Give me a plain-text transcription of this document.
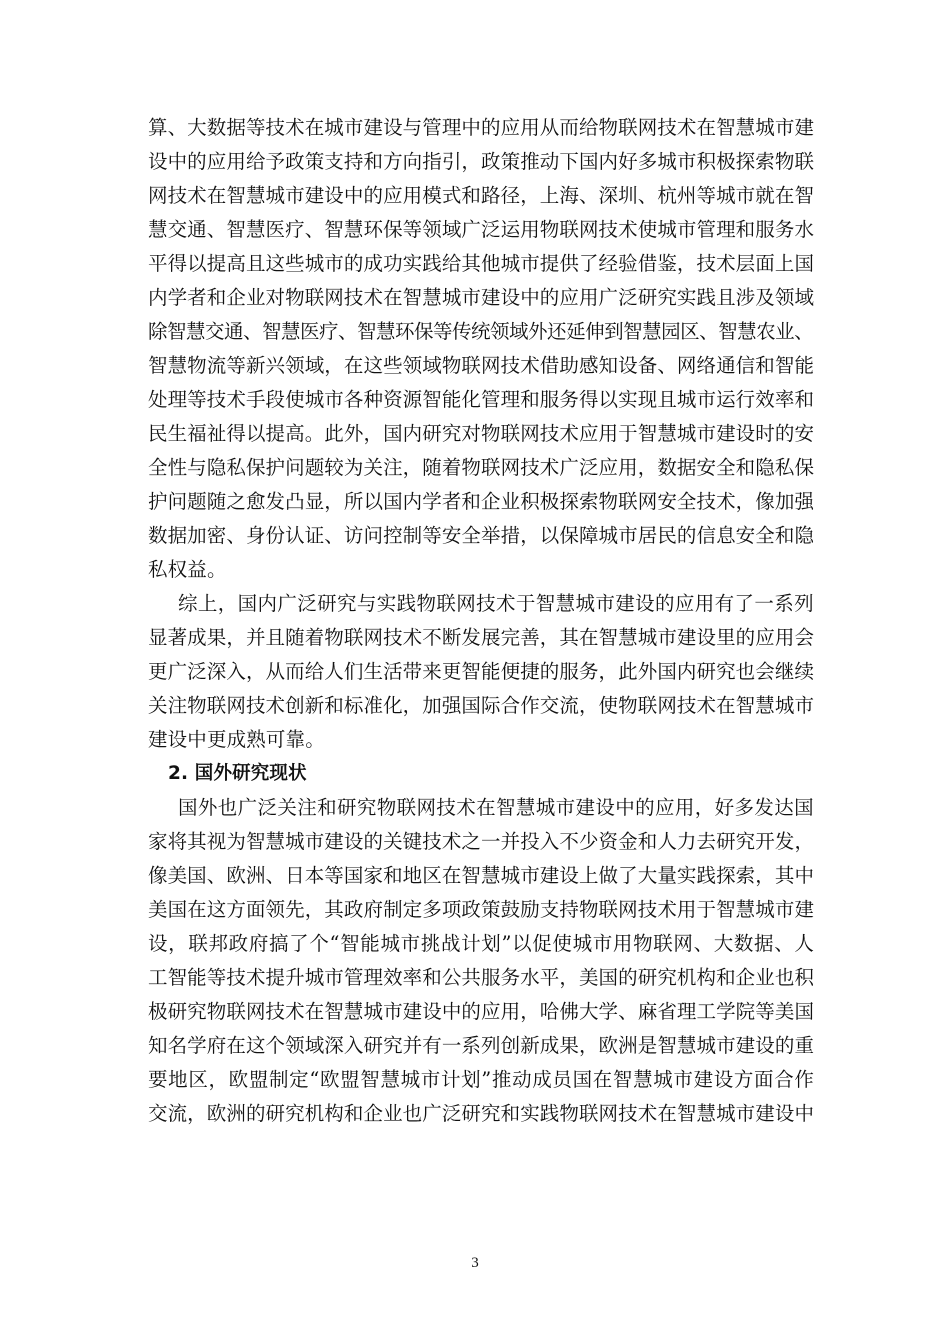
算、大数据等技术在城市建设与管理中的应用从而给物联网技术在智慧城市建
设中的应用给予政策支持和方向指引，政策推动下国内好多城市积极探索物联
网技术在智慧城市建设中的应用模式和路径，上海、深圳、杭州等城市就在智
慧交通、智慧医疗、智慧环保等领域广泛运用物联网技术使城市管理和服务水
平得以提高且这些城市的成功实践给其他城市提供了经验借鉴，技术层面上国
内学者和企业对物联网技术在智慧城市建设中的应用广泛研究实践且涉及领域
除智慧交通、智慧医疗、智慧环保等传统领域外还延伸到智慧园区、智慧农业、
智慧物流等新兴领域，在这些领域物联网技术借助感知设备、网络通信和智能
处理等技术手段使城市各种资源智能化管理和服务得以实现且城市运行效率和
民生福祉得以提高。此外，国内研究对物联网技术应用于智慧城市建设时的安
全性与隐私保护问题较为关注，随着物联网技术广泛应用，数据安全和隐私保
护问题随之愈发凸显，所以国内学者和企业积极探索物联网安全技术，像加强
数据加密、身份认证、访问控制等安全举措，以保障城市居民的信息安全和隐
私权益。
综上，国内广泛研究与实践物联网技术于智慧城市建设的应用有了一系列
显著成果，并且随着物联网技术不断发展完善，其在智慧城市建设里的应用会
更广泛深入，从而给人们生活带来更智能便捷的服务，此外国内研究也会继续
关注物联网技术创新和标准化，加强国际合作交流，使物联网技术在智慧城市
建设中更成熟可靠。
2. 国外研究现状
国外也广泛关注和研究物联网技术在智慧城市建设中的应用，好多发达国
家将其视为智慧城市建设的关键技术之一并投入不少资金和人力去研究开发，
像美国、欧洲、日本等国家和地区在智慧城市建设上做了大量实践探索，其中
美国在这方面领先，其政府制定多项政策鼓励支持物联网技术用于智慧城市建
设，联邦政府搞了个“智能城市挑战计划”以促使城市用物联网、大数据、人
工智能等技术提升城市管理效率和公共服务水平，美国的研究机构和企业也积
极研究物联网技术在智慧城市建设中的应用，哈佛大学、麻省理工学院等美国
知名学府在这个领域深入研究并有一系列创新成果，欧洲是智慧城市建设的重
要地区，欧盟制定“欧盟智慧城市计划”推动成员国在智慧城市建设方面合作
交流，欧洲的研究机构和企业也广泛研究和实践物联网技术在智慧城市建设中
3
